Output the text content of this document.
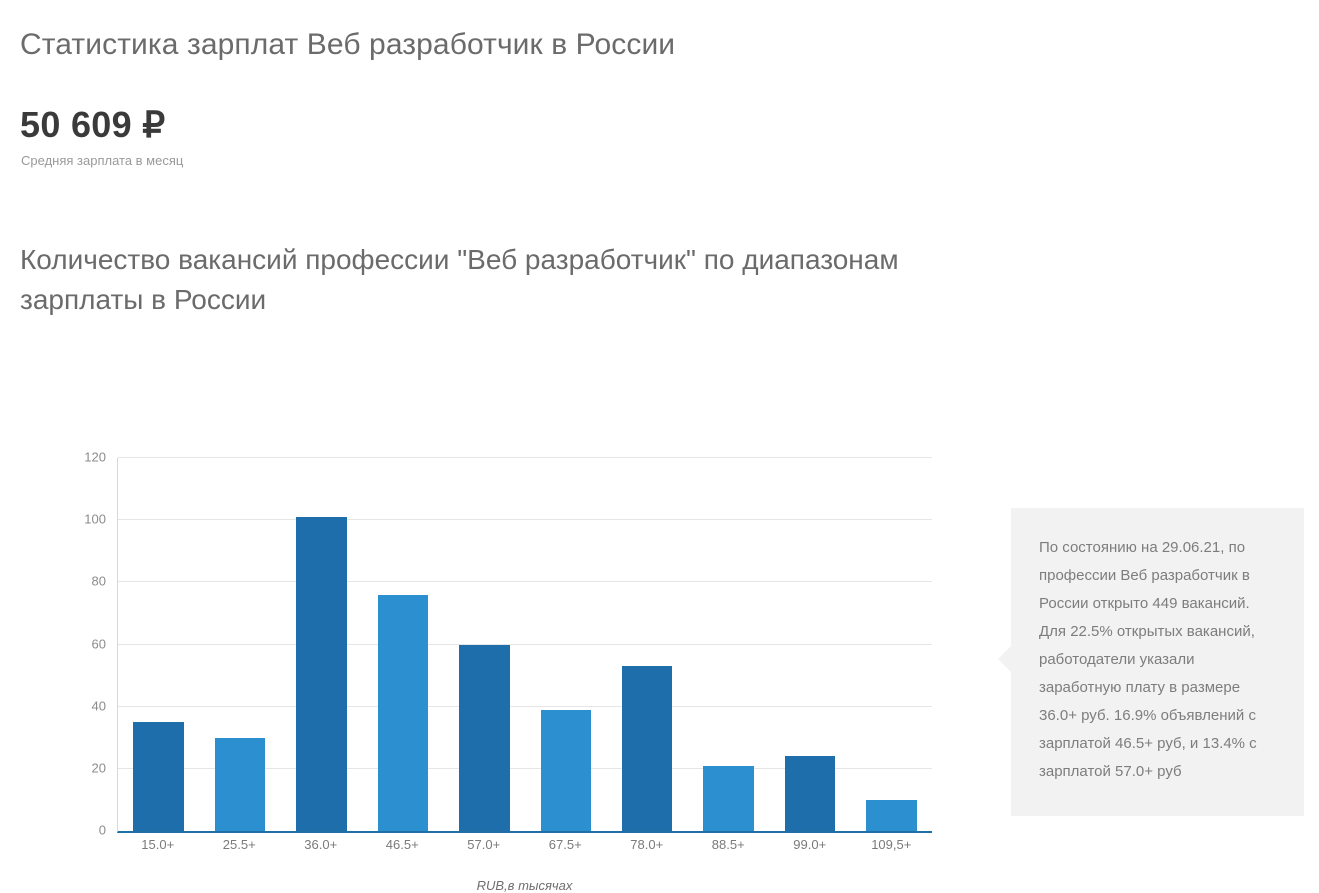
Статистика зарплат Веб разработчик в России
50 609 ₽
Средняя зарплата в месяц
Количество вакансий профессии "Веб разработчик" по диапазонам зарплаты в России
0
20
40
60
80
100
120
15.0+	25.5+	36.0+	46.5+	57.0+	67.5+	78.0+	88.5+	99.0+	109,5+
RUB,в тысячах
По состоянию на 29.06.21, по профессии Веб разработчик в России открыто 449 вакансий. Для 22.5% открытых вакансий, работодатели указали заработную плату в размере 36.0+ руб. 16.9% объявлений с зарплатой 46.5+ руб, и 13.4% с зарплатой 57.0+ руб
